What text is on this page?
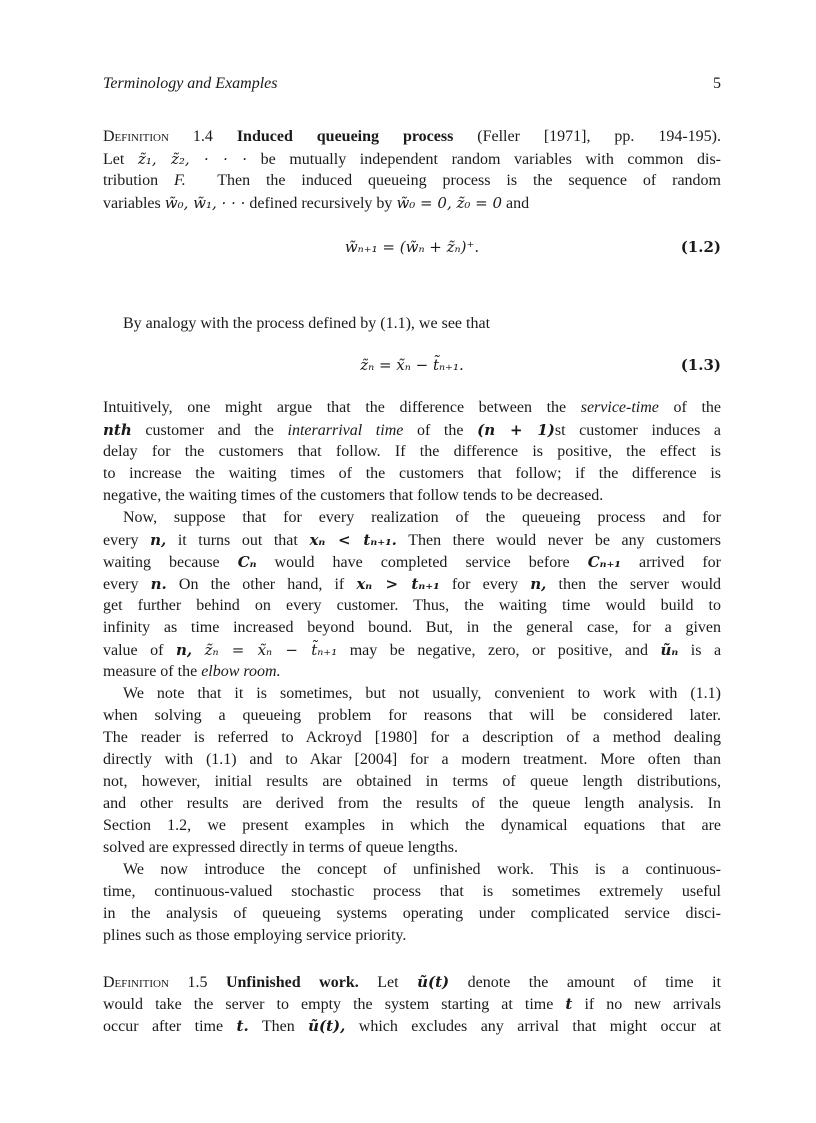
Terminology and Examples	5
Definition 1.4 Induced queueing process (Feller [1971], pp. 194-195).
Let z̃₁, z̃₂, · · · be mutually independent random variables with common dis-
tribution F. Then the induced queueing process is the sequence of random
variables w̃₀, w̃₁, · · · defined recursively by w̃₀ = 0, z̃₀ = 0 and
w̃ₙ₊₁ = (w̃ₙ + z̃ₙ)⁺.	(1.2)
By analogy with the process defined by (1.1), we see that
z̃ₙ = x̃ₙ − t̃ₙ₊₁.	(1.3)
Intuitively, one might argue that the difference between the service-time of the
nth customer and the interarrival time of the (n + 1)st customer induces a
delay for the customers that follow. If the difference is positive, the effect is
to increase the waiting times of the customers that follow; if the difference is
negative, the waiting times of the customers that follow tends to be decreased.
Now, suppose that for every realization of the queueing process and for
every n, it turns out that xₙ < tₙ₊₁. Then there would never be any customers
waiting because Cₙ would have completed service before Cₙ₊₁ arrived for
every n. On the other hand, if xₙ > tₙ₊₁ for every n, then the server would
get further behind on every customer. Thus, the waiting time would build to
infinity as time increased beyond bound. But, in the general case, for a given
value of n, z̃ₙ = x̃ₙ − t̃ₙ₊₁ may be negative, zero, or positive, and ũₙ is a
measure of the elbow room.
We note that it is sometimes, but not usually, convenient to work with (1.1)
when solving a queueing problem for reasons that will be considered later.
The reader is referred to Ackroyd [1980] for a description of a method dealing
directly with (1.1) and to Akar [2004] for a modern treatment. More often than
not, however, initial results are obtained in terms of queue length distributions,
and other results are derived from the results of the queue length analysis. In
Section 1.2, we present examples in which the dynamical equations that are
solved are expressed directly in terms of queue lengths.
We now introduce the concept of unfinished work. This is a continuous-
time, continuous-valued stochastic process that is sometimes extremely useful
in the analysis of queueing systems operating under complicated service disci-
plines such as those employing service priority.
Definition 1.5 Unfinished work. Let ũ(t) denote the amount of time it
would take the server to empty the system starting at time t if no new arrivals
occur after time t. Then ũ(t), which excludes any arrival that might occur at
